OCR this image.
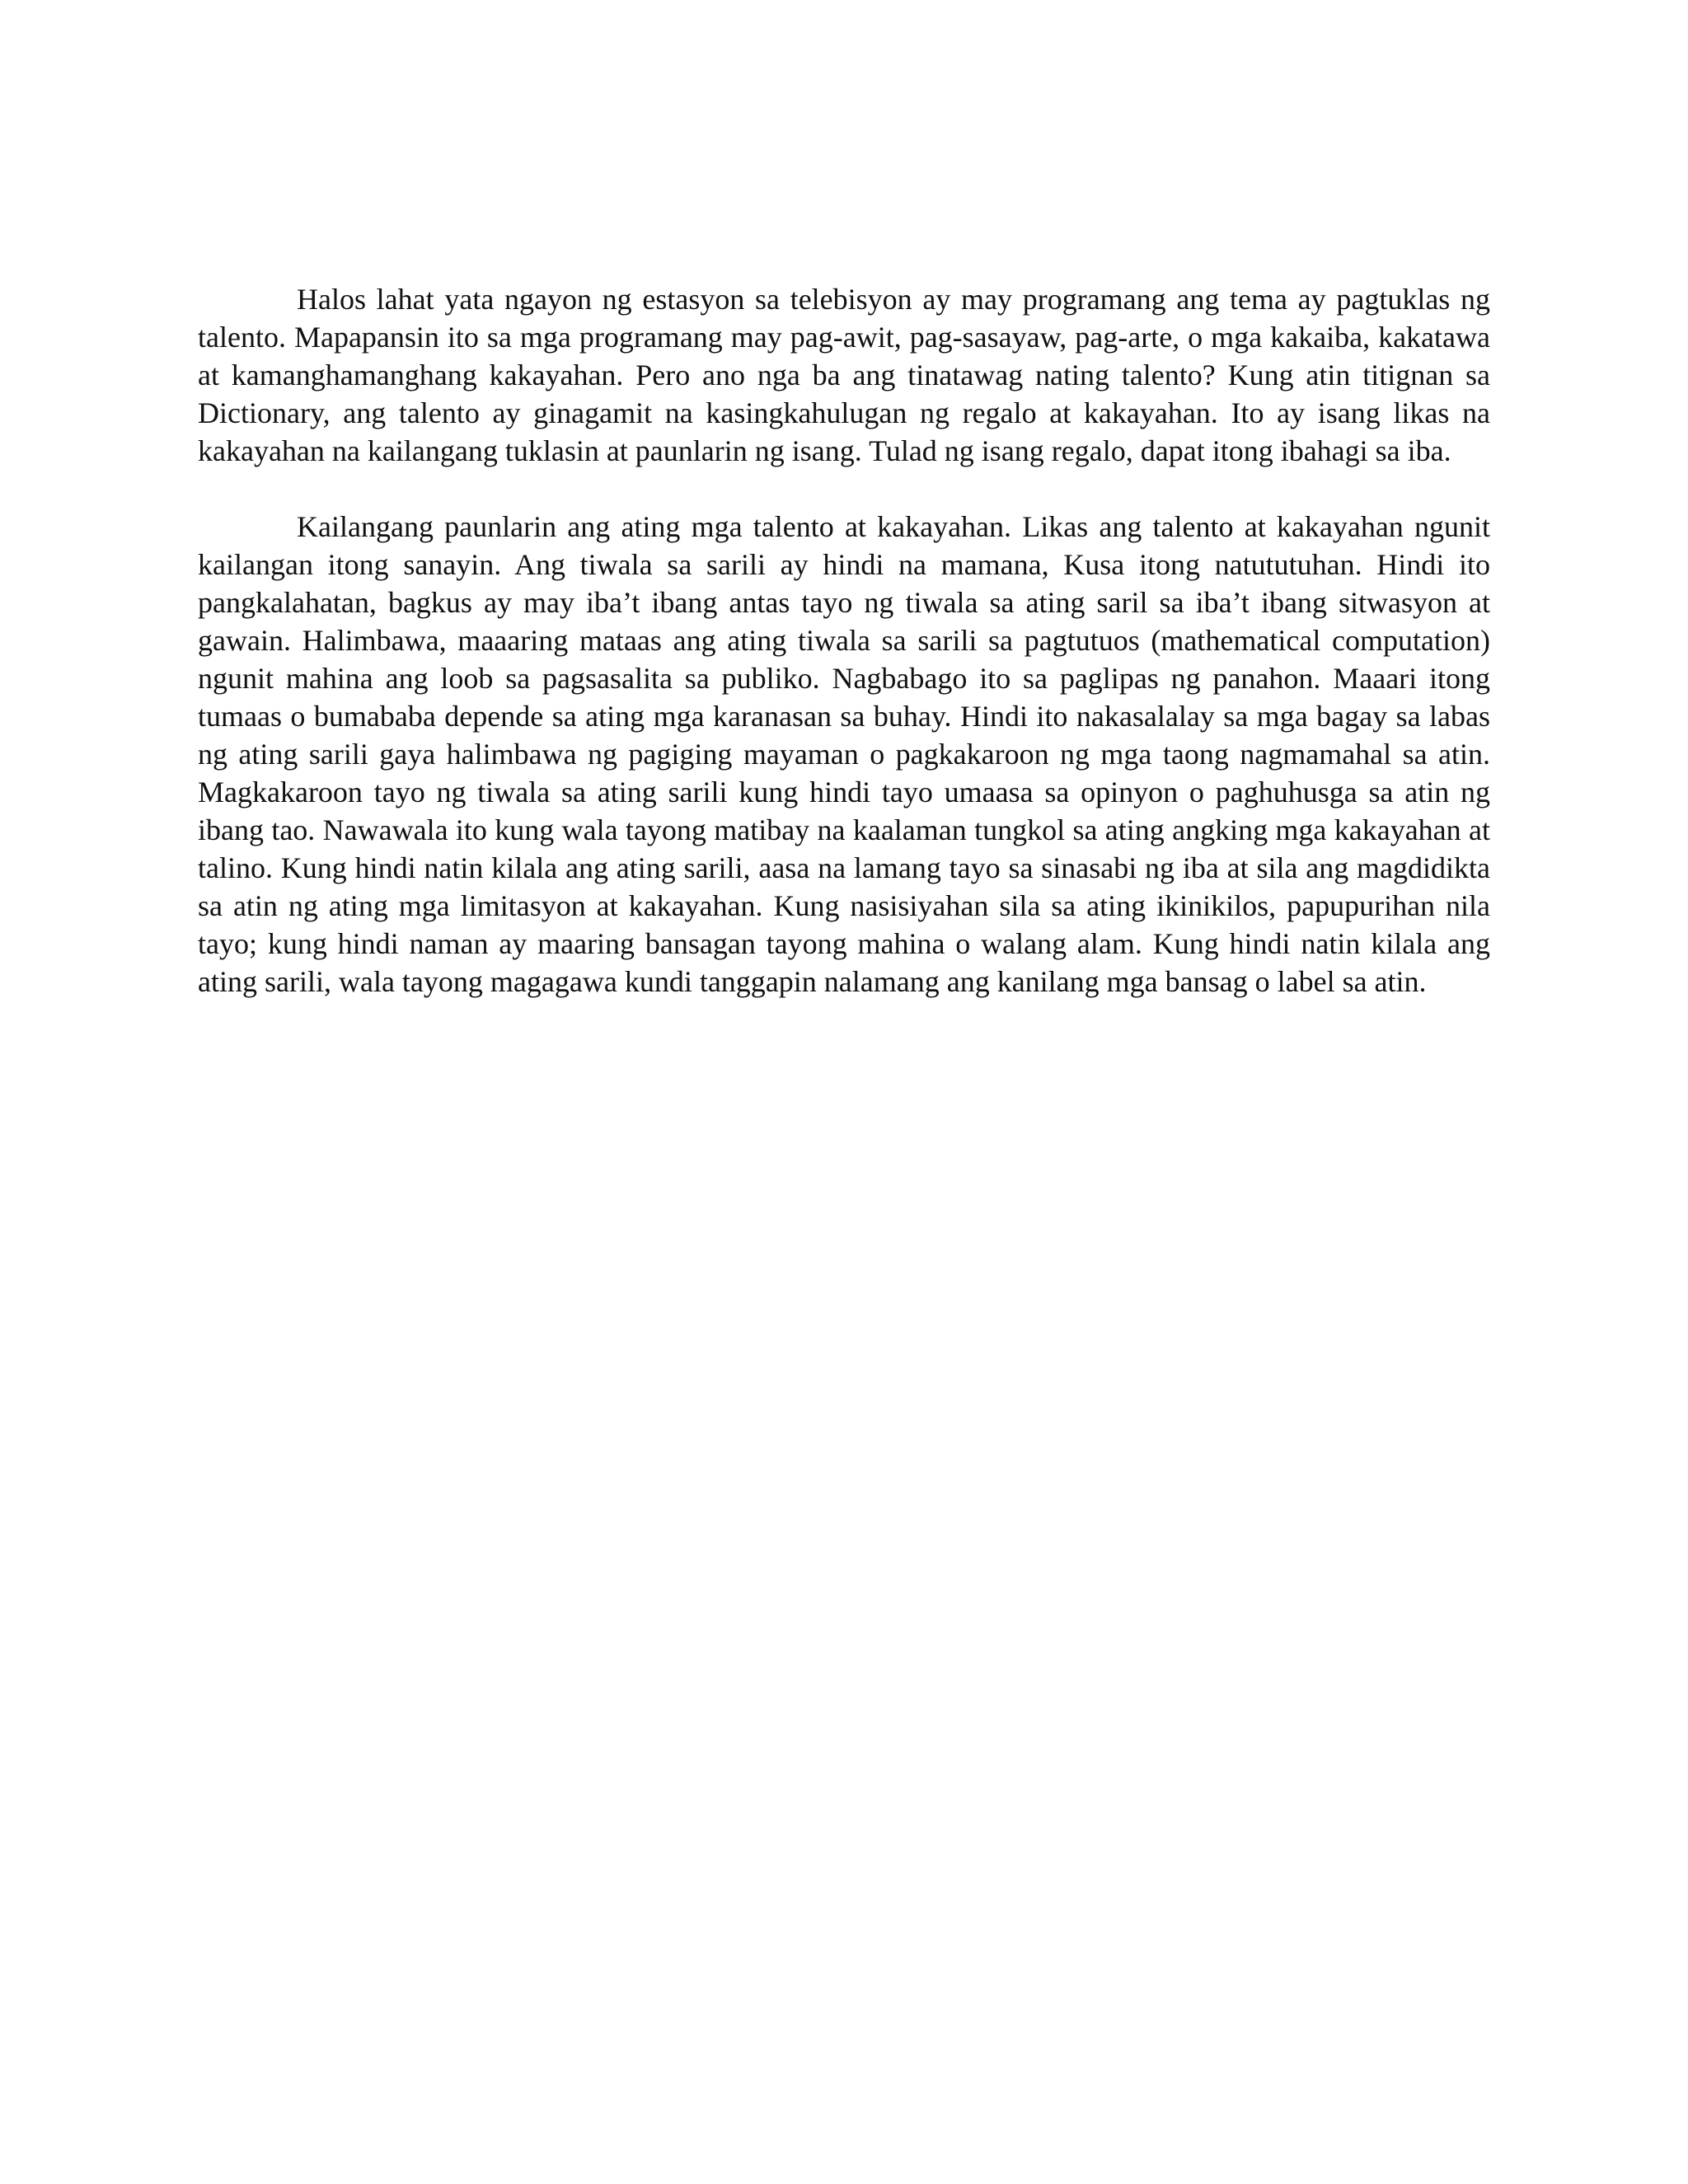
Halos lahat yata ngayon ng estasyon sa telebisyon ay may programang ang tema ay pagtuklas ng talento. Mapapansin ito sa mga programang may pag-awit, pag-sasayaw, pag-arte, o mga kakaiba, kakatawa at kamanghamanghang kakayahan. Pero ano nga ba ang tinatawag nating talento? Kung atin titignan sa Dictionary, ang talento ay ginagamit na kasingkahulugan ng regalo at kakayahan. Ito ay isang likas na kakayahan na kailangang tuklasin at paunlarin ng isang. Tulad ng isang regalo, dapat itong ibahagi sa iba.

Kailangang paunlarin ang ating mga talento at kakayahan. Likas ang talento at kakayahan ngunit kailangan itong sanayin. Ang tiwala sa sarili ay hindi na mamana, Kusa itong natututuhan. Hindi ito pangkalahatan, bagkus ay may iba’t ibang antas tayo ng tiwala sa ating saril sa iba’t ibang sitwasyon at gawain. Halimbawa, maaaring mataas ang ating tiwala sa sarili sa pagtutuos (mathematical computation) ngunit mahina ang loob sa pagsasalita sa publiko. Nagbabago ito sa paglipas ng panahon. Maaari itong tumaas o bumababa depende sa ating mga karanasan sa buhay. Hindi ito nakasalalay sa mga bagay sa labas ng ating sarili gaya halimbawa ng pagiging mayaman o pagkakaroon ng mga taong nagmamahal sa atin. Magkakaroon tayo ng tiwala sa ating sarili kung hindi tayo umaasa sa opinyon o paghuhusga sa atin ng ibang tao. Nawawala ito kung wala tayong matibay na kaalaman tungkol sa ating angking mga kakayahan at talino. Kung hindi natin kilala ang ating sarili, aasa na lamang tayo sa sinasabi ng iba at sila ang magdidikta sa atin ng ating mga limitasyon at kakayahan. Kung nasisiyahan sila sa ating ikinikilos, papupurihan nila tayo; kung hindi naman ay maaring bansagan tayong mahina o walang alam. Kung hindi natin kilala ang ating sarili, wala tayong magagawa kundi tanggapin nalamang ang kanilang mga bansag o label sa atin.
